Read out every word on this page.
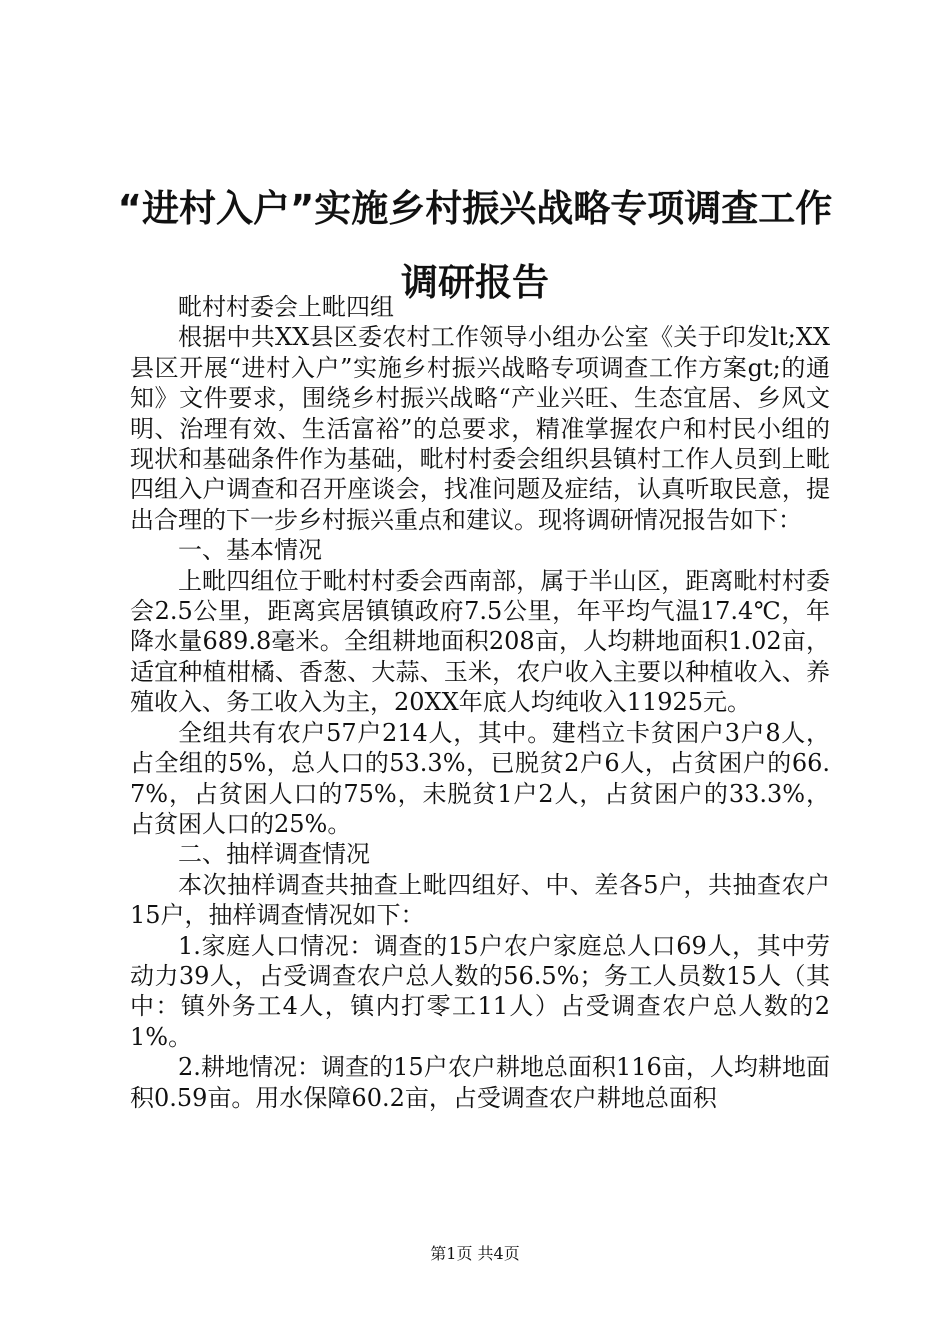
“进村入户”实施乡村振兴战略专项调查工作调研报告

毗村村委会上毗四组

根据中共XX县区委农村工作领导小组办公室《关于印发lt;XX县区开展“进村入户”实施乡村振兴战略专项调查工作方案gt;的通知》文件要求，围绕乡村振兴战略“产业兴旺、生态宜居、乡风文明、治理有效、生活富裕”的总要求，精准掌握农户和村民小组的现状和基础条件作为基础，毗村村委会组织县镇村工作人员到上毗四组入户调查和召开座谈会，找准问题及症结，认真听取民意，提出合理的下一步乡村振兴重点和建议。现将调研情况报告如下：

一、基本情况

上毗四组位于毗村村委会西南部，属于半山区，距离毗村村委会2.5公里，距离宾居镇镇政府7.5公里，年平均气温17.4℃，年降水量689.8毫米。全组耕地面积208亩，人均耕地面积1.02亩，适宜种植柑橘、香葱、大蒜、玉米，农户收入主要以种植收入、养殖收入、务工收入为主，20XX年底人均纯收入11925元。

全组共有农户57户214人，其中。建档立卡贫困户3户8人，占全组的5%，总人口的53.3%，已脱贫2户6人，占贫困户的66.7%，占贫困人口的75%，未脱贫1户2人，占贫困户的33.3%，占贫困人口的25%。

二、抽样调查情况

本次抽样调查共抽查上毗四组好、中、差各5户，共抽查农户15户，抽样调查情况如下：

1.家庭人口情况：调查的15户农户家庭总人口69人，其中劳动力39人，占受调查农户总人数的56.5%；务工人员数15人（其中：镇外务工4人，镇内打零工11人）占受调查农户总人数的21%。

2.耕地情况：调查的15户农户耕地总面积116亩，人均耕地面积0.59亩。用水保障60.2亩，占受调查农户耕地总面积

第1页 共4页
